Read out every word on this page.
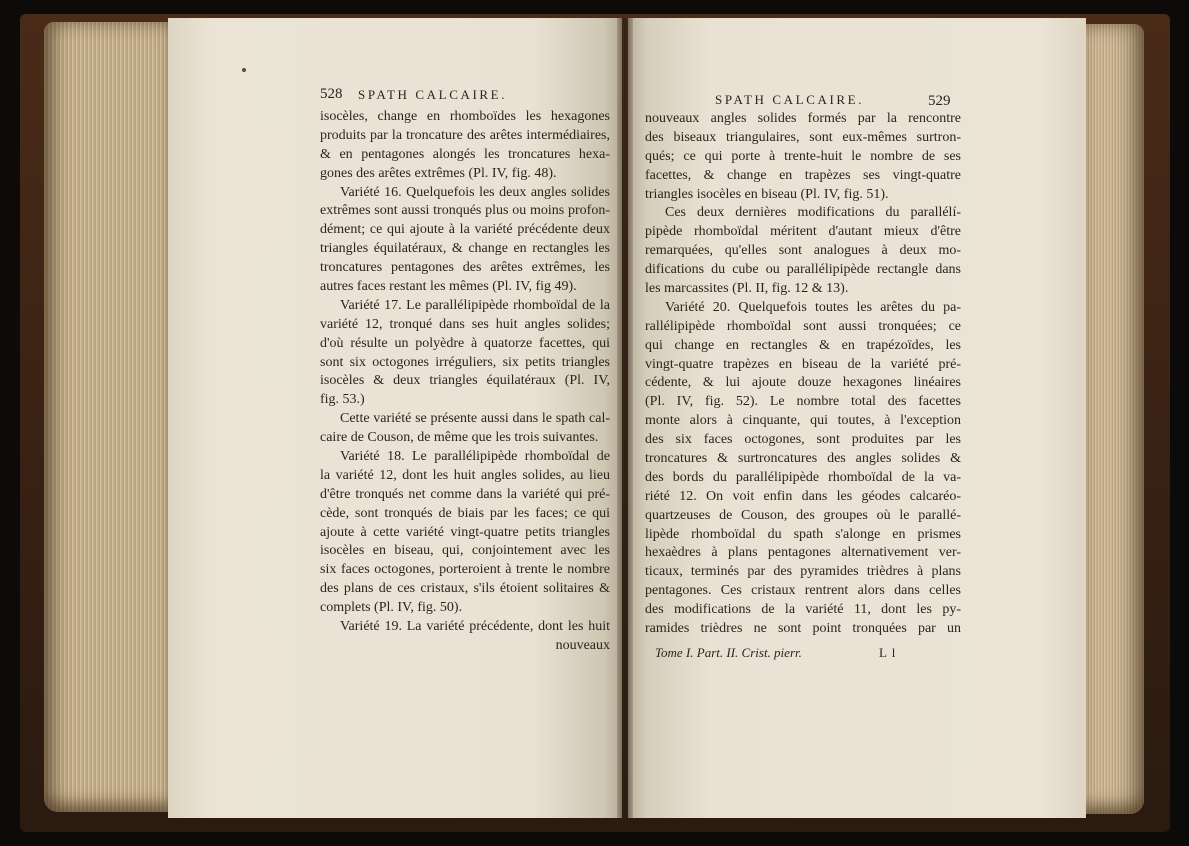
528 SPATH CALCAIRE.
isocèles, change en rhomboïdes les hexagones
produits par la troncature des arêtes intermédiaires,
& en pentagones alongés les troncatures hexa-
gones des arêtes extrêmes (Pl. IV, fig. 48).
Variété 16. Quelquefois les deux angles solides
extrêmes sont aussi tronqués plus ou moins profon-
dément; ce qui ajoute à la variété précédente deux
triangles équilatéraux, & change en rectangles les
troncatures pentagones des arêtes extrêmes, les
autres faces restant les mêmes (Pl. IV, fig 49).
Variété 17. Le parallélipipède rhomboïdal de la
variété 12, tronqué dans ses huit angles solides;
d'où résulte un polyèdre à quatorze facettes, qui
sont six octogones irréguliers, six petits triangles
isocèles & deux triangles équilatéraux (Pl. IV,
fig. 53.)
Cette variété se présente aussi dans le spath cal-
caire de Couson, de même que les trois suivantes.
Variété 18. Le parallélipipède rhomboïdal de
la variété 12, dont les huit angles solides, au lieu
d'être tronqués net comme dans la variété qui pré-
cède, sont tronqués de biais par les faces; ce qui
ajoute à cette variété vingt-quatre petits triangles
isocèles en biseau, qui, conjointement avec les
six faces octogones, porteroient à trente le nombre
des plans de ces cristaux, s'ils étoient solitaires &
complets (Pl. IV, fig. 50).
Variété 19. La variété précédente, dont les huit
nouveaux
SPATH CALCAIRE.	529
nouveaux angles solides formés par la rencontre
des biseaux triangulaires, sont eux-mêmes surtron-
qués; ce qui porte à trente-huit le nombre de ses
facettes, & change en trapèzes ses vingt-quatre
triangles isocèles en biseau (Pl. IV, fig. 51).
Ces deux dernières modifications du parallélí-
pipède rhomboïdal méritent d'autant mieux d'être
remarquées, qu'elles sont analogues à deux mo-
difications du cube ou parallélipipède rectangle dans
les marcassites (Pl. II, fig. 12 & 13).
Variété 20. Quelquefois toutes les arêtes du pa-
rallélipipède rhomboïdal sont aussi tronquées; ce
qui change en rectangles & en trapézoïdes, les
vingt-quatre trapèzes en biseau de la variété pré-
cédente, & lui ajoute douze hexagones linéaires
(Pl. IV, fig. 52). Le nombre total des facettes
monte alors à cinquante, qui toutes, à l'exception
des six faces octogones, sont produites par les
troncatures & surtroncatures des angles solides &
des bords du parallélipipède rhomboïdal de la va-
riété 12. On voit enfin dans les géodes calcaréo-
quartzeuses de Couson, des groupes où le parallé-
lipède rhomboïdal du spath s'alonge en prismes
hexaèdres à plans pentagones alternativement ver-
ticaux, terminés par des pyramides trièdres à plans
pentagones. Ces cristaux rentrent alors dans celles
des modifications de la variété 11, dont les py-
ramides trièdres ne sont point tronquées par un
Tome I. Part. II. Crist. pierr.	L l
